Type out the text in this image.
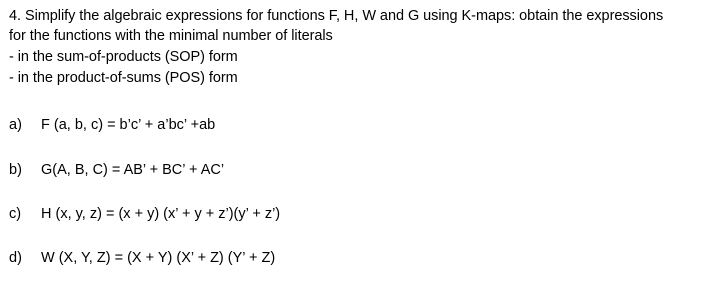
4. Simplify the algebraic expressions for functions F, H, W and G using K-maps: obtain the expressions
for the functions with the minimal number of literals
- in the sum-of-products (SOP) form
- in the product-of-sums (POS) form
a) F (a, b, c) = b’c’ + a’bc’ +ab
b) G(A, B, C) = AB’ + BC’ + AC’
c) H (x, y, z) = (x + y) (x’ + y + z’)(y’ + z’)
d) W (X, Y, Z) = (X + Y) (X’ + Z) (Y’ + Z)
